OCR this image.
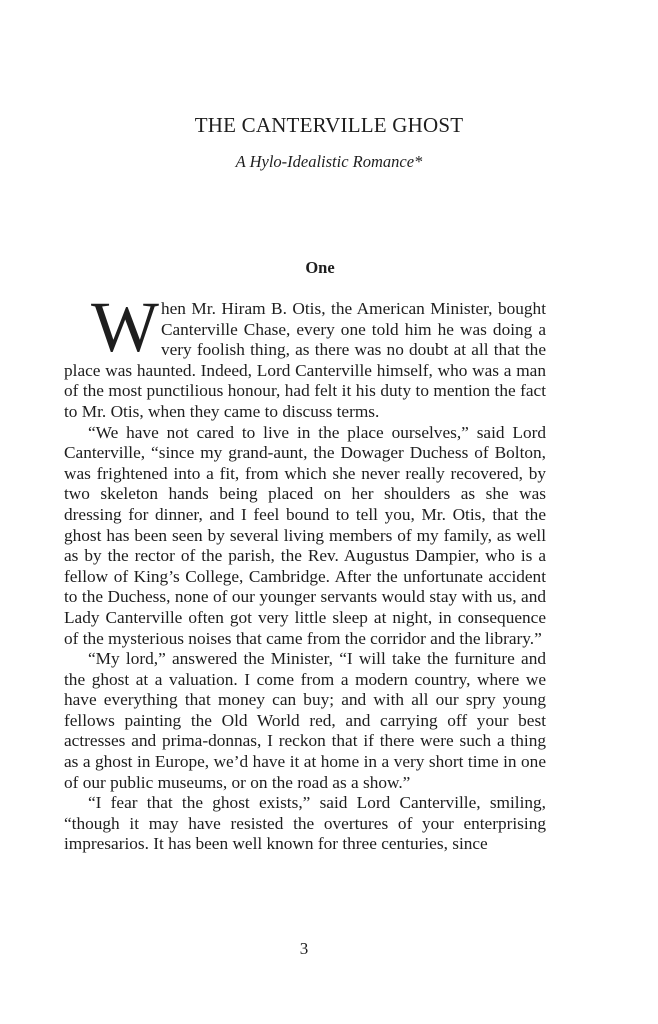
THE CANTERVILLE GHOST
A Hylo-Idealistic Romance*
One

When Mr. Hiram B. Otis, the American Minister, bought Canterville Chase, every one told him he was doing a very foolish thing, as there was no doubt at all that the place was haunted. Indeed, Lord Canterville himself, who was a man of the most punctilious honour, had felt it his duty to mention the fact to Mr. Otis, when they came to discuss terms.

“We have not cared to live in the place ourselves,” said Lord Canterville, “since my grand-aunt, the Dowager Duchess of Bolton, was frightened into a fit, from which she never really recovered, by two skeleton hands being placed on her shoulders as she was dressing for dinner, and I feel bound to tell you, Mr. Otis, that the ghost has been seen by several living members of my family, as well as by the rector of the parish, the Rev. Augustus Dampier, who is a fellow of King’s College, Cambridge. After the unfortunate accident to the Duchess, none of our younger servants would stay with us, and Lady Canterville often got very little sleep at night, in consequence of the mysterious noises that came from the corridor and the library.”

“My lord,” answered the Minister, “I will take the furniture and the ghost at a valuation. I come from a modern country, where we have everything that money can buy; and with all our spry young fellows painting the Old World red, and carrying off your best actresses and prima-donnas, I reckon that if there were such a thing as a ghost in Europe, we’d have it at home in a very short time in one of our public museums, or on the road as a show.”

“I fear that the ghost exists,” said Lord Canterville, smiling, “though it may have resisted the overtures of your enterprising impresarios. It has been well known for three centuries, since

3
